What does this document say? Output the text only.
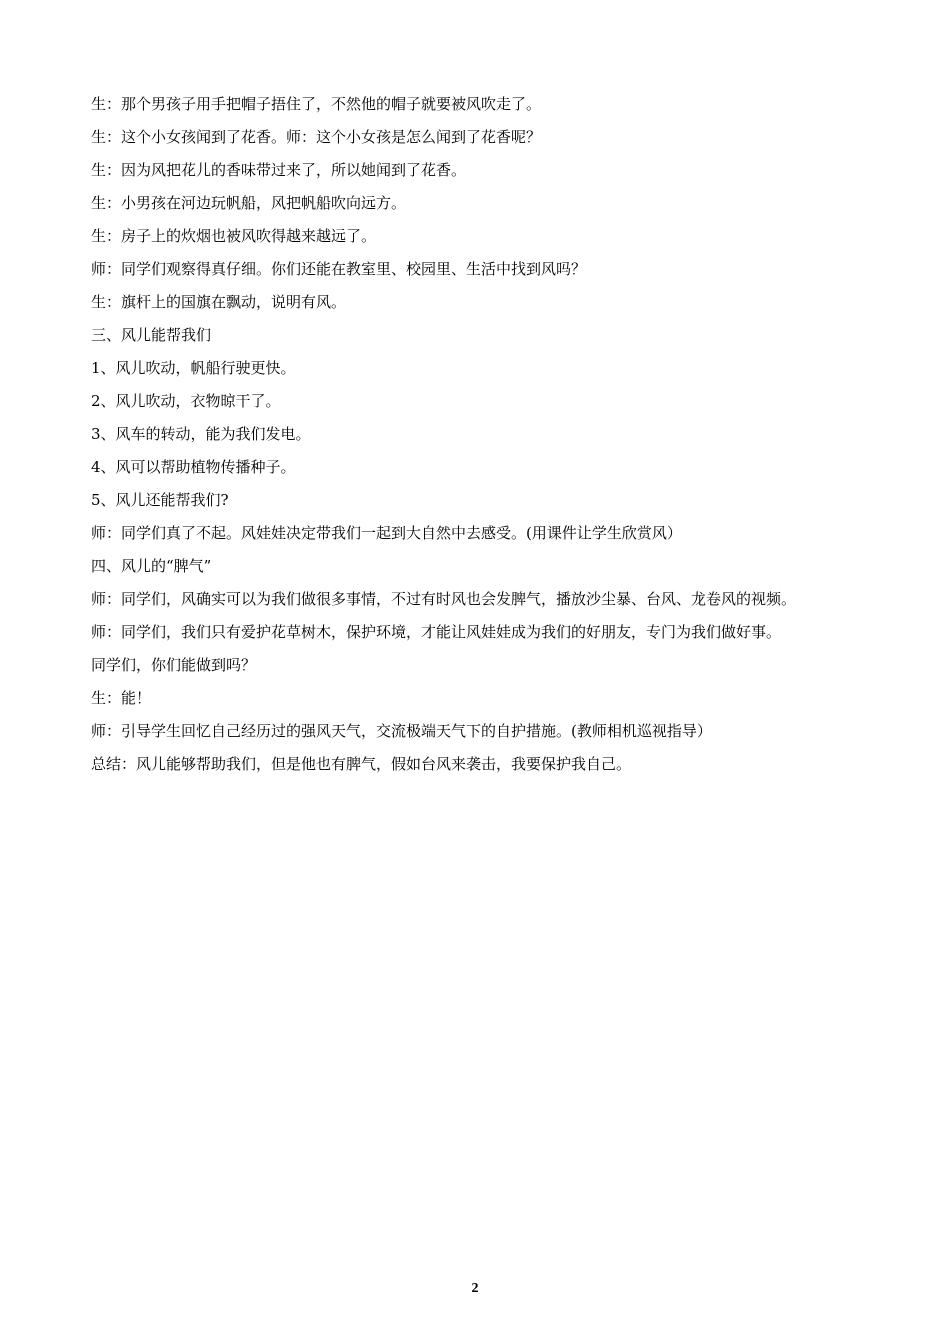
生：那个男孩子用手把帽子捂住了，不然他的帽子就要被风吹走了。
生：这个小女孩闻到了花香。师：这个小女孩是怎么闻到了花香呢？
生：因为风把花儿的香味带过来了，所以她闻到了花香。
生：小男孩在河边玩帆船，风把帆船吹向远方。
生：房子上的炊烟也被风吹得越来越远了。
师：同学们观察得真仔细。你们还能在教室里、校园里、生活中找到风吗？
生：旗杆上的国旗在飘动，说明有风。
三、风儿能帮我们
1、风儿吹动，帆船行驶更快。
2、风儿吹动，衣物晾干了。
3、风车的转动，能为我们发电。
4、风可以帮助植物传播种子。
5、风儿还能帮我们?
师：同学们真了不起。风娃娃决定带我们一起到大自然中去感受。(用课件让学生欣赏风）
四、风儿的“脾气”
师：同学们，风确实可以为我们做很多事情，不过有时风也会发脾气，播放沙尘暴、台风、龙卷风的视频。
师：同学们，我们只有爱护花草树木，保护环境，才能让风娃娃成为我们的好朋友，专门为我们做好事。
同学们，你们能做到吗？
生：能！
师：引导学生回忆自己经历过的强风天气，交流极端天气下的自护措施。(教师相机巡视指导）
总结：风儿能够帮助我们，但是他也有脾气，假如台风来袭击，我要保护我自己。
2
